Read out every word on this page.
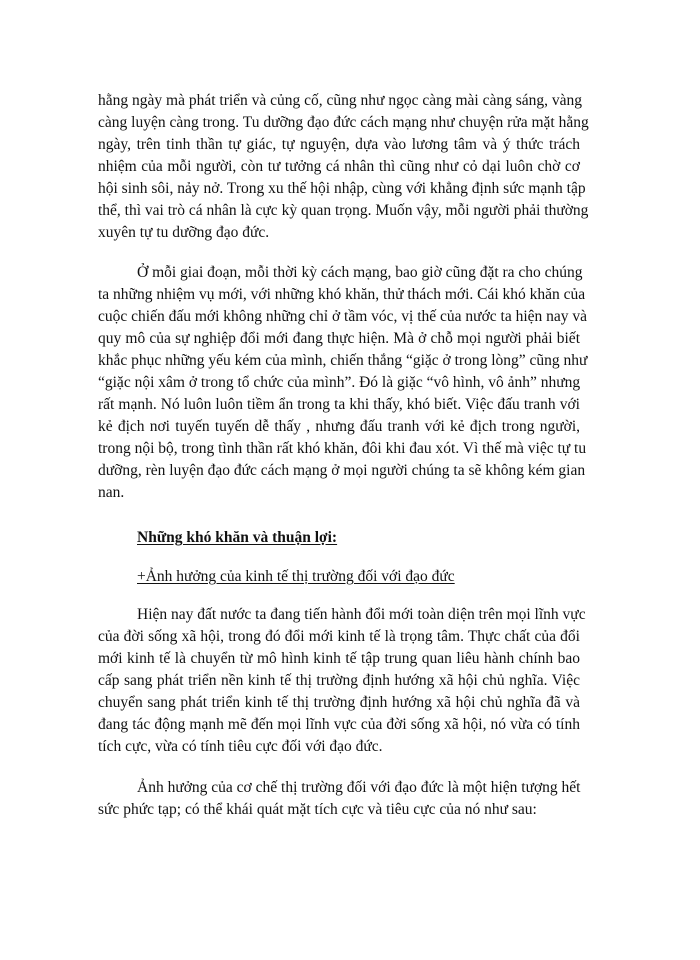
hằng ngày mà phát triển và củng cố, cũng như ngọc càng mài càng sáng, vàng
càng luyện càng trong. Tu dưỡng đạo đức cách mạng như chuyện rửa mặt hằng
ngày, trên tinh thần tự giác, tự nguyện, dựa vào lương tâm và ý thức trách
nhiệm của mỗi người, còn tư tưởng cá nhân thì cũng như cỏ dại luôn chờ cơ
hội sinh sôi, nảy nở. Trong xu thế hội nhập, cùng với khẳng định sức mạnh tập
thể, thì vai trò cá nhân là cực kỳ quan trọng. Muốn vậy, mỗi người phải thường
xuyên tự tu dưỡng đạo đức.
Ở mỗi giai đoạn, mỗi thời kỳ cách mạng, bao giờ cũng đặt ra cho chúng
ta những nhiệm vụ mới, với những khó khăn, thử thách mới. Cái khó khăn của
cuộc chiến đấu mới không những chỉ ở tầm vóc, vị thế của nước ta hiện nay và
quy mô của sự nghiệp đổi mới đang thực hiện. Mà ở chỗ mọi người phải biết
khắc phục những yếu kém của mình, chiến thắng “giặc ở trong lòng” cũng như
“giặc nội xâm ở trong tổ chức của mình”. Đó là giặc “vô hình, vô ảnh” nhưng
rất mạnh. Nó luôn luôn tiềm ẩn trong ta khi thấy, khó biết. Việc đấu tranh với
kẻ địch nơi tuyến tuyến dễ thấy , nhưng đấu tranh với kẻ địch trong người,
trong nội bộ, trong tình thần rất khó khăn, đôi khi đau xót. Vì thế mà việc tự tu
dưỡng, rèn luyện đạo đức cách mạng ở mọi người chúng ta sẽ không kém gian
nan.
Những khó khăn và thuận lợi:
+Ảnh hưởng của kinh tế thị trường đối với đạo đức
Hiện nay đất nước ta đang tiến hành đổi mới toàn diện trên mọi lĩnh vực
của đời sống xã hội, trong đó đổi mới kinh tế là trọng tâm. Thực chất của đổi
mới kinh tế là chuyển từ mô hình kinh tế tập trung quan liêu hành chính bao
cấp sang phát triển nền kinh tế thị trường định hướng xã hội chủ nghĩa. Việc
chuyển sang phát triển kinh tế thị trường định hướng xã hội chủ nghĩa đã và
đang tác động mạnh mẽ đến mọi lĩnh vực của đời sống xã hội, nó vừa có tính
tích cực, vừa có tính tiêu cực đối với đạo đức.
Ảnh hưởng của cơ chế thị trường đối với đạo đức là một hiện tượng hết
sức phức tạp; có thể khái quát mặt tích cực và tiêu cực của nó như sau:
